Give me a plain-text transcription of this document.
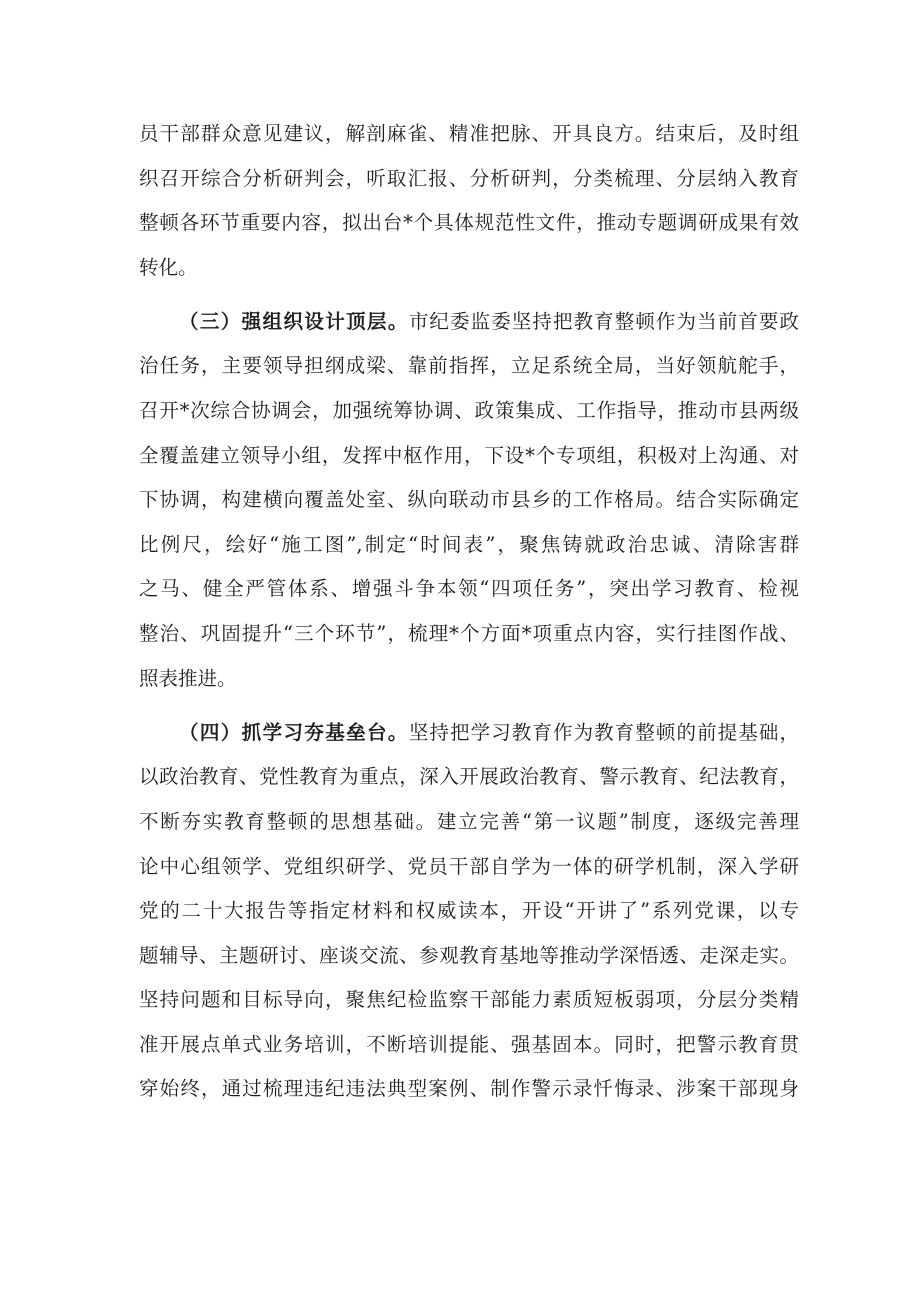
员干部群众意见建议，解剖麻雀、精准把脉、开具良方。结束后，及时组
织召开综合分析研判会，听取汇报、分析研判，分类梳理、分层纳入教育
整顿各环节重要内容，拟出台*个具体规范性文件，推动专题调研成果有效
转化。
（三）强组织设计顶层。市纪委监委坚持把教育整顿作为当前首要政
治任务，主要领导担纲成梁、靠前指挥，立足系统全局，当好领航舵手，
召开*次综合协调会，加强统筹协调、政策集成、工作指导，推动市县两级
全覆盖建立领导小组，发挥中枢作用，下设*个专项组，积极对上沟通、对
下协调，构建横向覆盖处室、纵向联动市县乡的工作格局。结合实际确定
比例尺，绘好“施工图”,制定“时间表”，聚焦铸就政治忠诚、清除害群
之马、健全严管体系、增强斗争本领“四项任务”，突出学习教育、检视
整治、巩固提升“三个环节”，梳理*个方面*项重点内容，实行挂图作战、
照表推进。
（四）抓学习夯基垒台。坚持把学习教育作为教育整顿的前提基础，
以政治教育、党性教育为重点，深入开展政治教育、警示教育、纪法教育，
不断夯实教育整顿的思想基础。建立完善“第一议题”制度，逐级完善理
论中心组领学、党组织研学、党员干部自学为一体的研学机制，深入学研
党的二十大报告等指定材料和权威读本，开设“开讲了”系列党课，以专
题辅导、主题研讨、座谈交流、参观教育基地等推动学深悟透、走深走实。
坚持问题和目标导向，聚焦纪检监察干部能力素质短板弱项，分层分类精
准开展点单式业务培训，不断培训提能、强基固本。同时，把警示教育贯
穿始终，通过梳理违纪违法典型案例、制作警示录忏悔录、涉案干部现身
